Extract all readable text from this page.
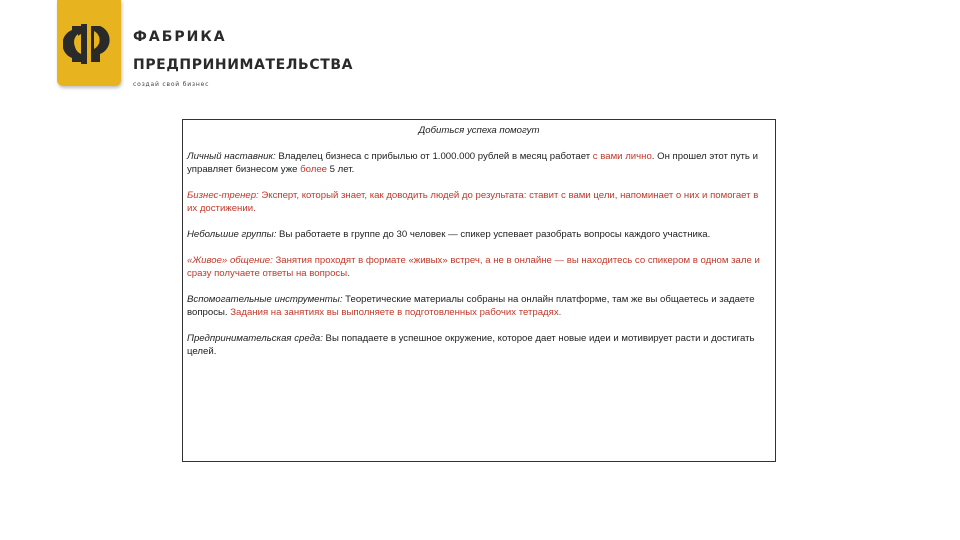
ФАБРИКА
ПРЕДПРИНИМАТЕЛЬСТВА
создай свой бизнес
Добиться успеха помогут
Личный наставник: Владелец бизнеса с прибылью от 1.000.000 рублей в месяц работает с вами лично. Он прошел этот путь и управляет бизнесом уже более 5 лет.
Бизнес-тренер: Эксперт, который знает, как доводить людей до результата: ставит с вами цели, напоминает о них и помогает в их достижении.
Небольшие группы: Вы работаете в группе до 30 человек — спикер успевает разобрать вопросы каждого участника.
«Живое» общение: Занятия проходят в формате «живых» встреч, а не в онлайне — вы находитесь со спикером в одном зале и сразу получаете ответы на вопросы.
Вспомогательные инструменты: Теоретические материалы собраны на онлайн платформе, там же вы общаетесь и задаете вопросы. Задания на занятиях вы выполняете в подготовленных рабочих тетрадях.
Предпринимательская среда: Вы попадаете в успешное окружение, которое дает новые идеи и мотивирует расти и достигать целей.
